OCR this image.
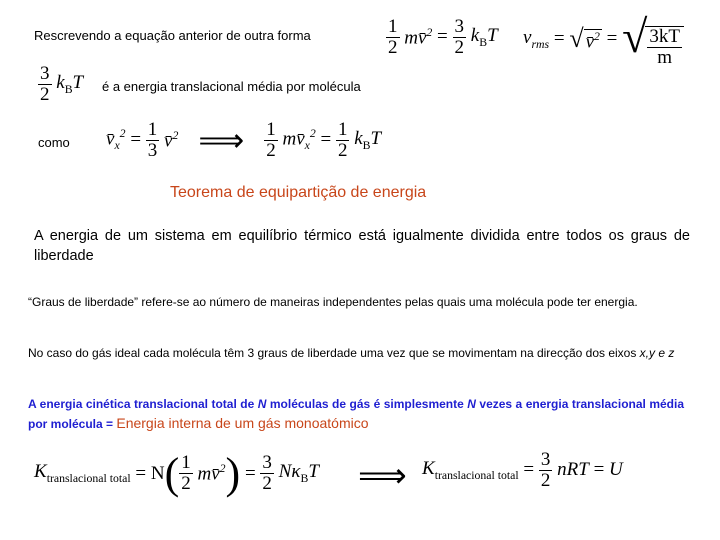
Rescrevendo a equação anterior de outra forma	$\frac{1}{2}$ mv̄$^2$ = $\frac{3}{2} k_BT$ $v_{rms}$ = √ v̄$^2$ = √ $\frac{3kT}{m}$
$\frac{3}{2} k_BT$ é a energia translacional média por molécula
como $v̄_x^2 = \frac{1}{3}$ v̄$^2$ ⟹ $\frac{1}{2}$ $mv̄_x^2 = \frac{1}{2} k_BT$
Teorema de equipartição de energia
A energia de um sistema em equilíbrio térmico está igualmente dividida entre todos os graus de liberdade
“Graus de liberdade” refere-se ao número de maneiras independentes pelas quais uma molécula pode ter energia.
No caso do gás ideal cada molécula têm 3 graus de liberdade uma vez que se movimentam na direcção dos eixos x,y e z
A energia cinética translacional total de N moléculas de gás é simplesmente N vezes a energia translacional média por molécula = Energia interna de um gás monoatómico
$K_{translacional total} = N$ ( $\frac{1}{2}$ mv̄$^2$ ) = $\frac{3}{2} N\kappa_BT$ ⟹ $K_{translacional total} = \frac{3}{2}$ nRT = U
